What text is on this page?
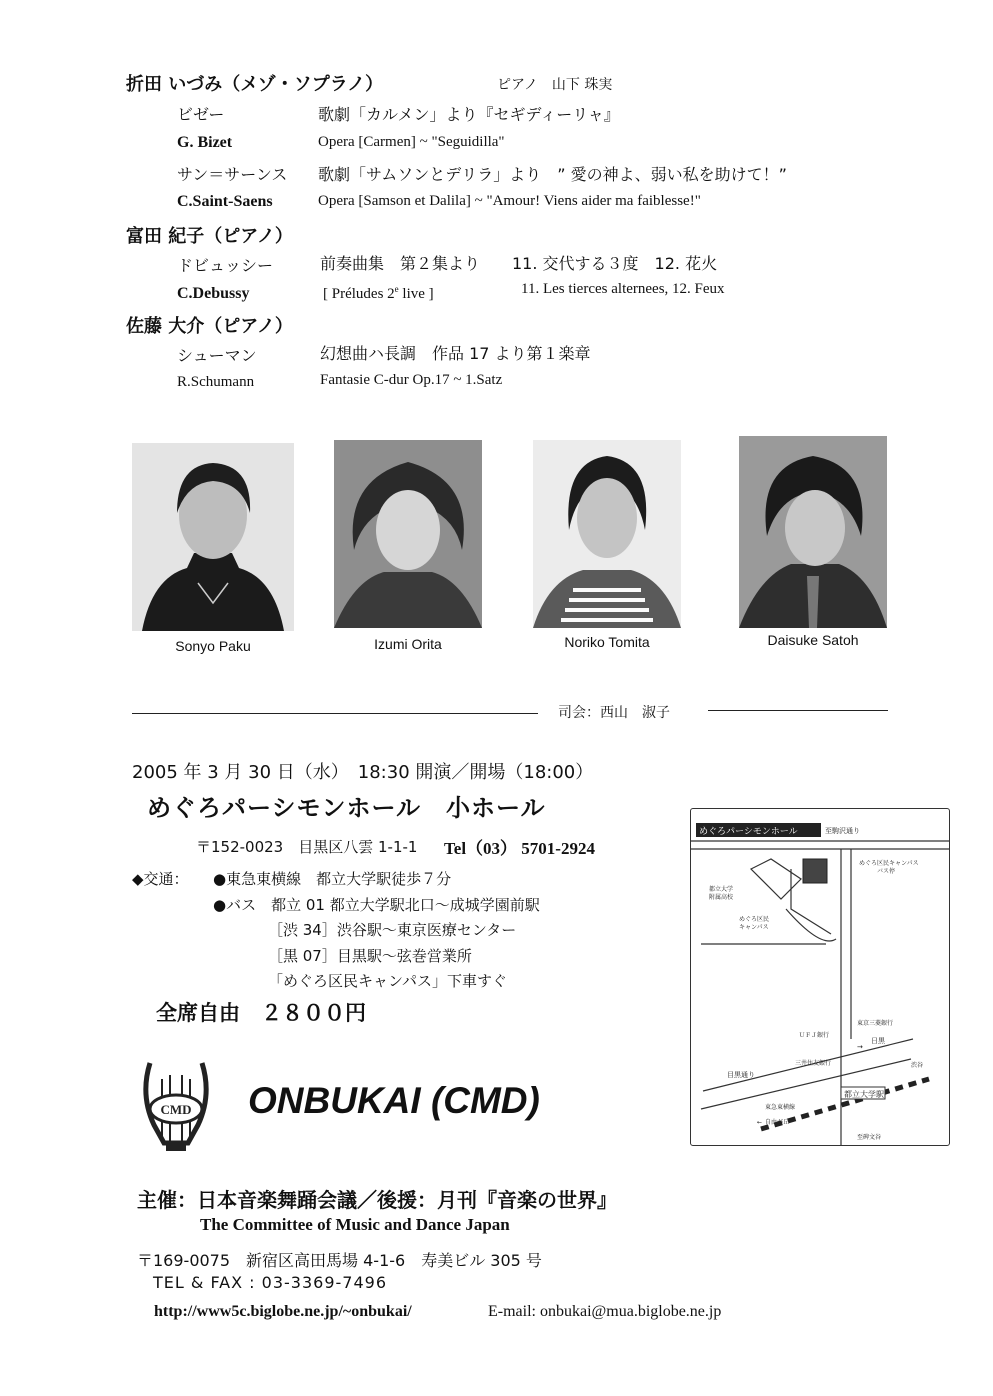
折田 いづみ（メゾ・ソプラノ）	ピアノ　山下 珠実
ビゼー	歌劇「カルメン」より『セギディーリャ』
G. Bizet	Opera [Carmen] ~ "Seguidilla"
サン＝サーンス 歌劇「サムソンとデリラ」より　” 愛の神よ、弱い私を助けて！”
C.Saint-Saens	Opera [Samson et Dalila] ~ "Amour! Viens aider ma faiblesse!"
富田 紀子（ピアノ）
ドビュッシー	前奏曲集　第２集より　　11. 交代する３度　12. 花火
C.Debussy	[ Préludes 2e live ]	11. Les tierces alternees, 12. Feux
佐藤 大介（ピアノ）
シューマン	幻想曲ハ長調　作品 17 より第１楽章
R.Schumann	Fantasie C-dur Op.17 ~ 1.Satz
Sonyo Paku	Izumi Orita	Noriko Tomita	Daisuke Satoh
司会：西山　淑子
2005 年 3 月 30 日（水）　18:30 開演／開場（18:00）
めぐろパーシモンホール　小ホール
〒152-0023　目黒区八雲 1-1-1 Tel（03） 5701-2924
◆交通： ●東急東横線　都立大学駅徒歩７分
●バス　都立 01 都立大学駅北口～成城学園前駅
［渋 34］渋谷駅～東京医療センター
［黒 07］目黒駅～弦巻営業所
「めぐろ区民キャンパス」下車すぐ
全席自由　２８００円
めぐろパーシモンホール	至駒沢通り
めぐろ区民キャンパス
バス停
都立大学
附属高校
めぐろ区民
キャンパス
ＵＦＪ銀行
東京三菱銀行
目黒通り
日黒
→
三井住友銀行
東急東横線
← 自由が丘
渋谷
都立大学駅
至碑文谷
CMD ONBUKAI (CMD)
主催：日本音楽舞踊会議／後援：月刊『音楽の世界』
The Committee of Music and Dance Japan
〒169-0075　新宿区高田馬場 4-1-6　寿美ビル 305 号
TEL & FAX : 03-3369-7496
http://www5c.biglobe.ne.jp/~onbukai/	E-mail: onbukai@mua.biglobe.ne.jp
